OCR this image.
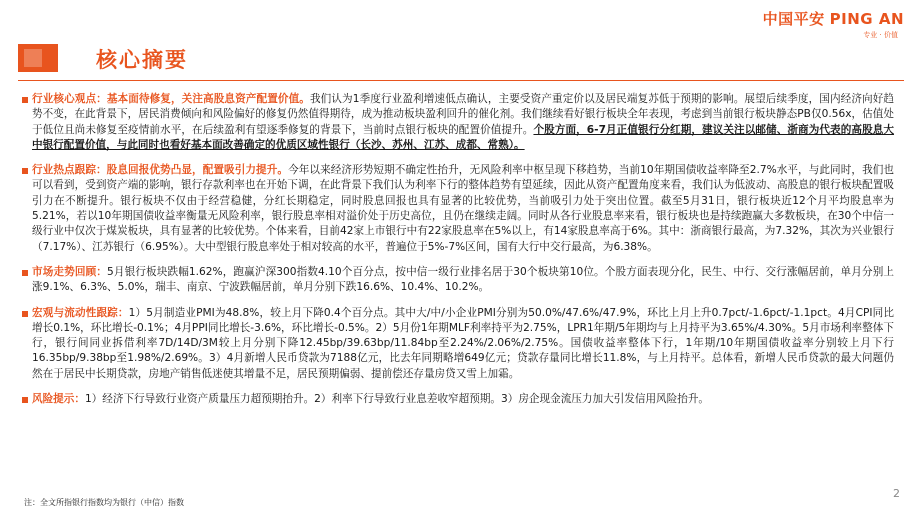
中国平安 PING AN
专业 · 价值
核心摘要
行业核心观点：基本面待修复，关注高股息资产配置价值。我们认为1季度行业盈利增速低点确认，主要受资产重定价以及居民端复苏低于预期的影响。展望后续季度，国内经济向好趋势不变，在此背景下，居民消费倾向和风险偏好的修复仍然值得期待，成为推动板块盈利回升的催化剂。我们继续看好银行板块全年表现，考虑到当前银行板块静态PB仅0.56x，估值处于低位且尚未修复至疫情前水平，在后续盈利有望逐季修复的背景下，当前时点银行板块的配置价值提升。个股方面，6-7月正值银行分红期，建议关注以邮储、浙商为代表的高股息大中银行配置价值，与此同时也看好基本面改善确定的优质区域性银行（长沙、苏州、江苏、成都、常熟）。
行业热点跟踪：股息回报优势凸显，配置吸引力提升。今年以来经济形势短期不确定性抬升，无风险利率中枢呈现下移趋势，当前10年期国债收益率降至2.7%水平，与此同时，我们也可以看到，受到资产端的影响，银行存款利率也在开始下调，在此背景下我们认为利率下行的整体趋势有望延续，因此从资产配置角度来看，我们认为低波动、高股息的银行板块配置吸引力在不断提升。银行板块不仅由于经营稳健，分红长期稳定，同时股息回报也具有显著的比较优势，当前吸引力处于突出位置。截至5月31日，银行板块近12个月平均股息率为5.21%，若以10年期国债收益率衡量无风险利率，银行股息率相对溢价处于历史高位，且仍在继续走阔。同时从各行业股息率来看，银行板块也是持续跑赢大多数板块，在30个中信一级行业中仅次于煤炭板块，具有显著的比较优势。个体来看，目前42家上市银行中有22家股息率在5%以上，有14家股息率高于6%。其中：浙商银行最高，为7.32%，其次为兴业银行（7.17%）、江苏银行（6.95%）。大中型银行股息率处于相对较高的水平，普遍位于5%-7%区间，国有大行中交行最高，为6.38%。
市场走势回顾：5月银行板块跌幅1.62%，跑赢沪深300指数4.10个百分点，按中信一级行业排名居于30个板块第10位。个股方面表现分化，民生、中行、交行涨幅居前，单月分别上涨9.1%、6.3%、5.0%，瑞丰、南京、宁波跌幅居前，单月分别下跌16.6%、10.4%、10.2%。
宏观与流动性跟踪：1）5月制造业PMI为48.8%，较上月下降0.4个百分点。其中大/中/小企业PMI分别为50.0%/47.6%/47.9%，环比上月上升0.7pct/-1.6pct/-1.1pct。4月CPI同比增长0.1%，环比增长-0.1%；4月PPI同比增长-3.6%，环比增长-0.5%。2）5月份1年期MLF利率持平为2.75%，LPR1年期/5年期均与上月持平为3.65%/4.30%。5月市场利率整体下行，银行间同业拆借利率7D/14D/3M较上月分别下降12.45bp/39.63bp/11.84bp至2.24%/2.06%/2.75%。国债收益率整体下行，1年期/10年期国债收益率分别较上月下行16.35bp/9.38bp至1.98%/2.69%。3）4月新增人民币贷款为7188亿元，比去年同期略增649亿元；贷款存量同比增长11.8%，与上月持平。总体看，新增人民币贷款的最大问题仍然在于居民中长期贷款，房地产销售低迷使其增量不足，居民预期偏弱、提前偿还存量房贷又雪上加霜。
风险提示：1）经济下行导致行业资产质量压力超预期抬升。2）利率下行导致行业息差收窄超预期。3）房企现金流压力加大引发信用风险抬升。
注：全文所指银行指数均为银行（中信）指数
2
